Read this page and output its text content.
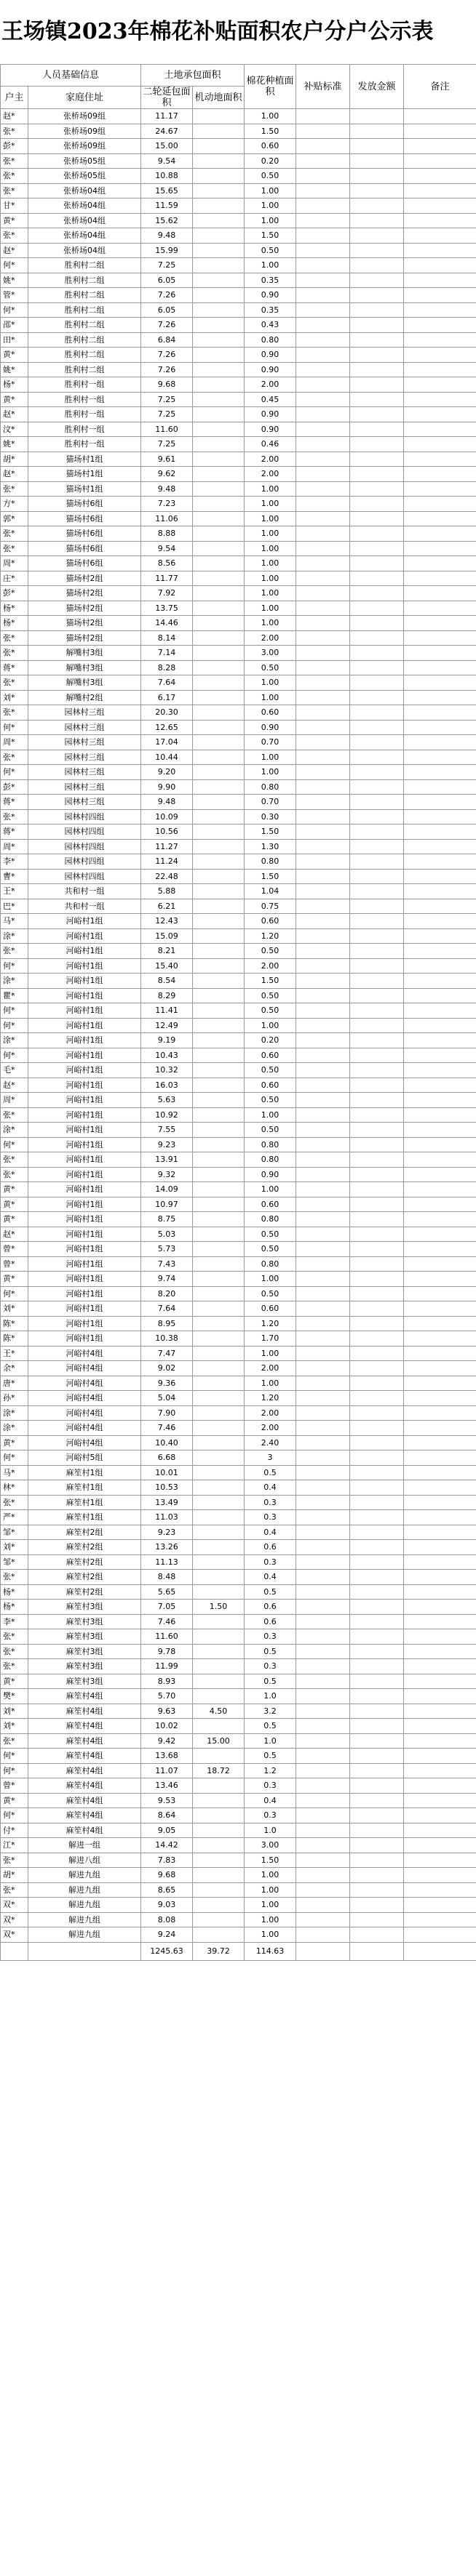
王场镇2023年棉花补贴面积农户分户公示表
人员基础信息		土地承包面积		棉花种植面积	补贴标准	发放金额	备注
户主	家庭住址	二轮延包面积	机动地面积				
赵*	张桥场09组	11.17		1.00			
张*	张桥场09组	24.67		1.50			
彭*	张桥场09组	15.00		0.60			
张*	张桥场05组	9.54		0.20			
张*	张桥场05组	10.88		0.50			
张*	张桥场04组	15.65		1.00			
甘*	张桥场04组	11.59		1.00			
黄*	张桥场04组	15.62		1.00			
张*	张桥场04组	9.48		1.50			
赵*	张桥场04组	15.99		0.50			
何*	胜利村二组	7.25		1.00			
姚*	胜利村二组	6.05		0.35			
管*	胜利村二组	7.26		0.90			
何*	胜利村二组	6.05		0.35			
邵*	胜利村二组	7.26		0.43			
田*	胜利村二组	6.84		0.80			
黄*	胜利村二组	7.26		0.90			
姚*	胜利村二组	7.26		0.90			
杨*	胜利村一组	9.68		2.00			
黄*	胜利村一组	7.25		0.45			
赵*	胜利村一组	7.25		0.90			
汶*	胜利村一组	11.60		0.90			
姚*	胜利村一组	7.25		0.46			
胡*	猫场村1组	9.61		2.00			
赵*	猫场村1组	9.62		2.00			
张*	猫场村1组	9.48		1.00			
方*	猫场村6组	7.23		1.00			
郭*	猫场村6组	11.06		1.00			
张*	猫场村6组	8.88		1.00			
张*	猫场村6组	9.54		1.00			
周*	猫场村6组	8.56		1.00			
庄*	猫场村2组	11.77		1.00			
彭*	猫场村2组	7.92		1.00			
杨*	猫场村2组	13.75		1.00			
杨*	猫场村2组	14.46		1.00			
张*	猫场村2组	8.14		2.00			
张*	解嘴村3组	7.14		3.00			
蒋*	解嘴村3组	8.28		0.50			
张*	解嘴村3组	7.64		1.00			
刘*	解嘴村2组	6.17		1.00			
张*	园林村三组	20.30		0.60			
何*	园林村三组	12.65		0.90			
周*	园林村三组	17.04		0.70			
张*	园林村三组	10.44		1.00			
何*	园林村三组	9.20		1.00			
彭*	园林村三组	9.90		0.80			
蒋*	园林村三组	9.48		0.70			
张*	园林村四组	10.09		0.30			
蒋*	园林村四组	10.56		1.50			
周*	园林村四组	11.27		1.30			
李*	园林村四组	11.24		0.80			
曹*	园林村四组	22.48		1.50			
王*	共和村一组	5.88		1.04			
巴*	共和村一组	6.21		0.75			
马*	河峪村1组	12.43		0.60			
涂*	河峪村1组	15.09		1.20			
张*	河峪村1组	8.21		0.50			
何*	河峪村1组	15.40		2.00			
涂*	河峪村1组	8.54		1.50			
瞿*	河峪村1组	8.29		0.50			
何*	河峪村1组	11.41		0.50			
何*	河峪村1组	12.49		1.00			
涂*	河峪村1组	9.19		0.20			
何*	河峪村1组	10.43		0.60			
毛*	河峪村1组	10.32		0.50			
赵*	河峪村1组	16.03		0.60			
周*	河峪村1组	5.63		0.50			
张*	河峪村1组	10.92		1.00			
涂*	河峪村1组	7.55		0.50			
何*	河峪村1组	9.23		0.80			
张*	河峪村1组	13.91		0.80			
张*	河峪村1组	9.32		0.90			
黄*	河峪村1组	14.09		1.00			
黄*	河峪村1组	10.97		0.60			
黄*	河峪村1组	8.75		0.80			
赵*	河峪村1组	5.03		0.50			
曾*	河峪村1组	5.73		0.50			
曾*	河峪村1组	7.43		0.80			
黄*	河峪村1组	9.74		1.00			
何*	河峪村1组	8.20		0.50			
刘*	河峪村1组	7.64		0.60			
陈*	河峪村1组	8.95		1.20			
陈*	河峪村1组	10.38		1.70			
王*	河峪村4组	7.47		1.00			
余*	河峪村4组	9.02		2.00			
唐*	河峪村4组	9.36		1.00			
孙*	河峪村4组	5.04		1.20			
涂*	河峪村4组	7.90		2.00			
涂*	河峪村4组	7.46		2.00			
黄*	河峪村4组	10.40		2.40			
何*	河峪村5组	6.68		3			
马*	麻笙村1组	10.01		0.5			
林*	麻笙村1组	10.53		0.4			
张*	麻笙村1组	13.49		0.3			
严*	麻笙村1组	11.03		0.3			
邹*	麻笙村2组	9.23		0.4			
刘*	麻笙村2组	13.26		0.6			
邹*	麻笙村2组	11.13		0.3			
张*	麻笙村2组	8.48		0.4			
杨*	麻笙村2组	5.65		0.5			
杨*	麻笙村3组	7.05	1.50	0.6			
李*	麻笙村3组	7.46		0.6			
张*	麻笙村3组	11.60		0.3			
张*	麻笙村3组	9.78		0.5			
张*	麻笙村3组	11.99		0.3			
黄*	麻笙村3组	8.93		0.5			
樊*	麻笙村4组	5.70		1.0			
刘*	麻笙村4组	9.63	4.50	3.2			
刘*	麻笙村4组	10.02		0.5			
张*	麻笙村4组	9.42	15.00	1.0			
何*	麻笙村4组	13.68		0.5			
何*	麻笙村4组	11.07	18.72	1.2			
曾*	麻笙村4组	13.46		0.3			
黄*	麻笙村4组	9.53		0.4			
何*	麻笙村4组	8.64		0.3			
付*	麻笙村4组	9.05		1.0			
江*	解进一组	14.42		3.00			
张*	解进八组	7.83		1.50			
胡*	解进九组	9.68		1.00			
张*	解进九组	8.65		1.00			
双*	解进九组	9.03		1.00			
双*	解进九组	8.08		1.00			
双*	解进九组	9.24		1.00			
		1245.63	39.72	114.63			
